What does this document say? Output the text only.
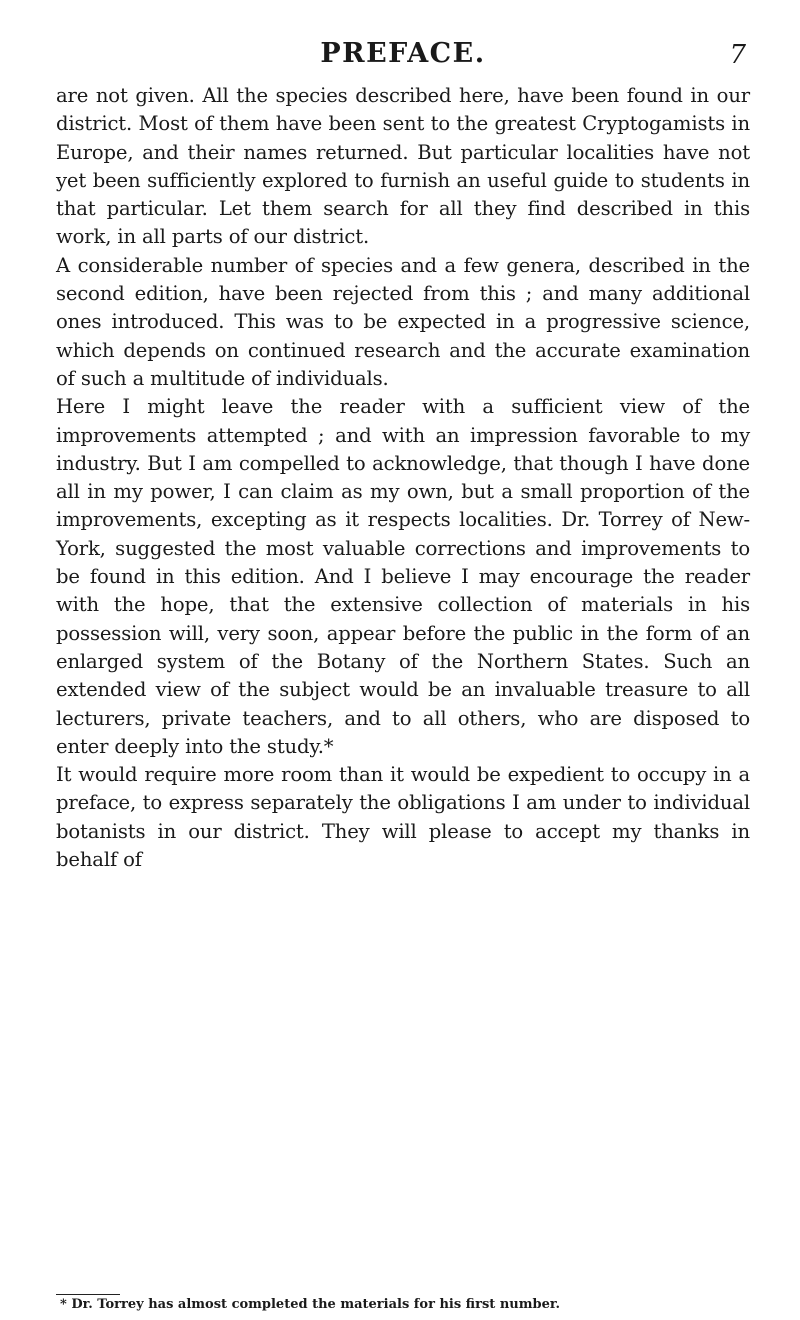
PREFACE.	7

are not given. All the species described here, have been found in our district. Most of them have been sent to the greatest Cryptogamists in Europe, and their names returned. But particular localities have not yet been sufficiently explored to furnish an useful guide to students in that particular. Let them search for all they find described in this work, in all parts of our district.

A considerable number of species and a few genera, described in the second edition, have been rejected from this ; and many additional ones introduced. This was to be expected in a progressive science, which depends on continued research and the accurate examination of such a multitude of individuals.

Here I might leave the reader with a sufficient view of the improvements attempted ; and with an impression favorable to my industry. But I am compelled to acknowledge, that though I have done all in my power, I can claim as my own, but a small proportion of the improvements, excepting as it respects localities. Dr. Torrey of New-York, suggested the most valuable corrections and improvements to be found in this edition. And I believe I may encourage the reader with the hope, that the extensive collection of materials in his possession will, very soon, appear before the public in the form of an enlarged system of the Botany of the Northern States. Such an extended view of the subject would be an invaluable treasure to all lecturers, private teachers, and to all others, who are disposed to enter deeply into the study.*

It would require more room than it would be expedient to occupy in a preface, to express separately the obligations I am under to individual botanists in our district. They will please to accept my thanks in behalf of

* Dr. Torrey has almost completed the materials for his first number.
